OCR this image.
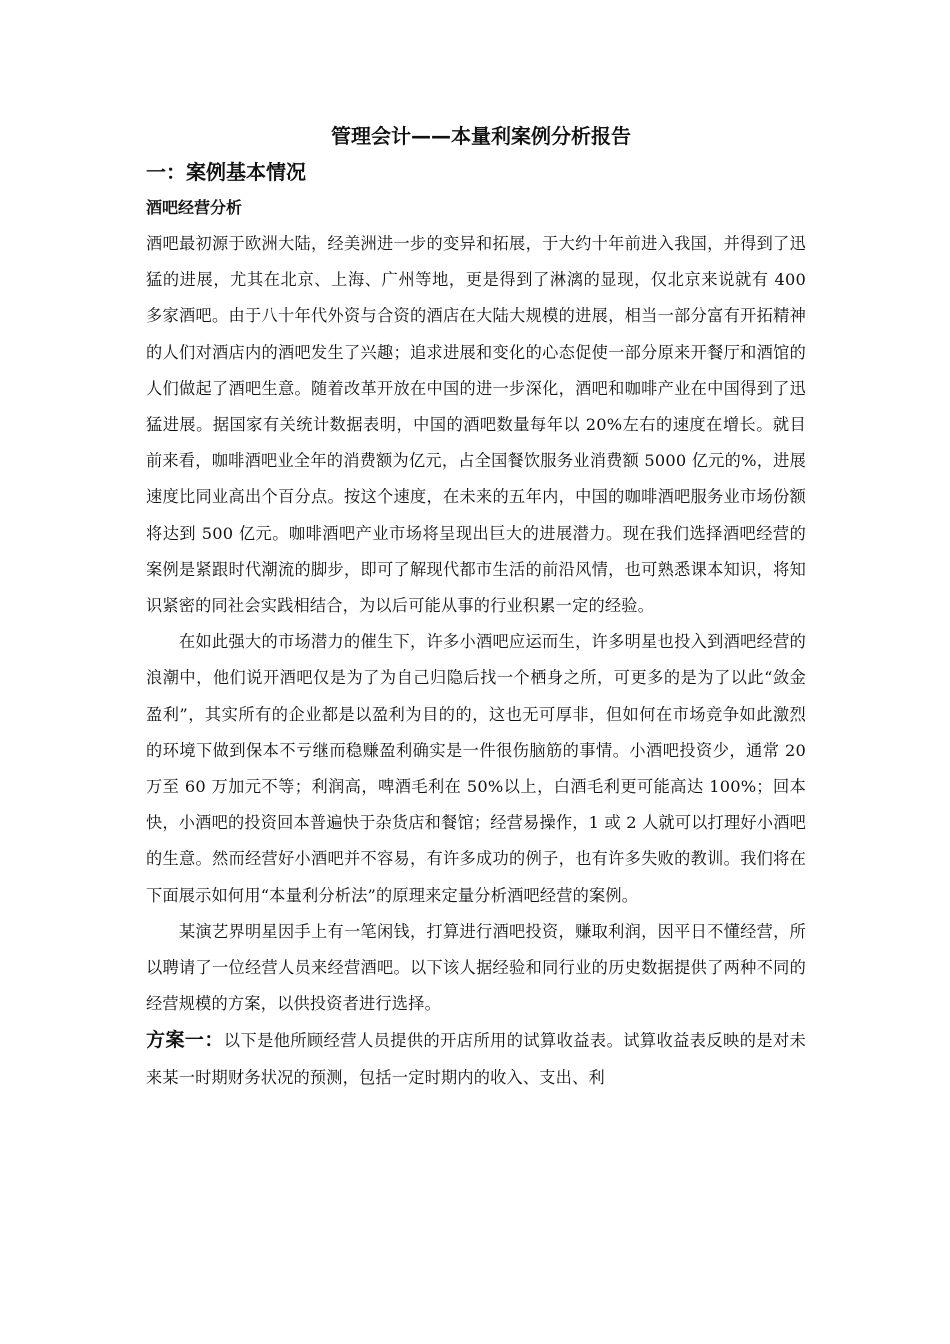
管理会计——本量利案例分析报告
一：案例基本情况
酒吧经营分析

酒吧最初源于欧洲大陆，经美洲进一步的变异和拓展，于大约十年前进入我国，并得到了迅猛的进展，尤其在北京、上海、广州等地，更是得到了淋漓的显现，仅北京来说就有 400 多家酒吧。由于八十年代外资与合资的酒店在大陆大规模的进展，相当一部分富有开拓精神的人们对酒店内的酒吧发生了兴趣；追求进展和变化的心态促使一部分原来开餐厅和酒馆的人们做起了酒吧生意。随着改革开放在中国的进一步深化，酒吧和咖啡产业在中国得到了迅猛进展。据国家有关统计数据表明，中国的酒吧数量每年以 20%左右的速度在增长。就目前来看，咖啡酒吧业全年的消费额为亿元，占全国餐饮服务业消费额 5000 亿元的%，进展速度比同业高出个百分点。按这个速度，在未来的五年内，中国的咖啡酒吧服务业市场份额将达到 500 亿元。咖啡酒吧产业市场将呈现出巨大的进展潜力。现在我们选择酒吧经营的案例是紧跟时代潮流的脚步，即可了解现代都市生活的前沿风情，也可熟悉课本知识，将知识紧密的同社会实践相结合，为以后可能从事的行业积累一定的经验。

在如此强大的市场潜力的催生下，许多小酒吧应运而生，许多明星也投入到酒吧经营的浪潮中，他们说开酒吧仅是为了为自己归隐后找一个栖身之所，可更多的是为了以此“敛金盈利”，其实所有的企业都是以盈利为目的的，这也无可厚非，但如何在市场竞争如此激烈的环境下做到保本不亏继而稳赚盈利确实是一件很伤脑筋的事情。小酒吧投资少，通常 20 万至 60 万加元不等；利润高，啤酒毛利在 50%以上，白酒毛利更可能高达 100%；回本快，小酒吧的投资回本普遍快于杂货店和餐馆；经营易操作，1 或 2 人就可以打理好小酒吧的生意。然而经营好小酒吧并不容易，有许多成功的例子，也有许多失败的教训。我们将在下面展示如何用“本量利分析法”的原理来定量分析酒吧经营的案例。

某演艺界明星因手上有一笔闲钱，打算进行酒吧投资，赚取利润，因平日不懂经营，所以聘请了一位经营人员来经营酒吧。以下该人据经验和同行业的历史数据提供了两种不同的经营规模的方案，以供投资者进行选择。

方案一：以下是他所顾经营人员提供的开店所用的试算收益表。试算收益表反映的是对未来某一时期财务状况的预测，包括一定时期内的收入、支出、利
